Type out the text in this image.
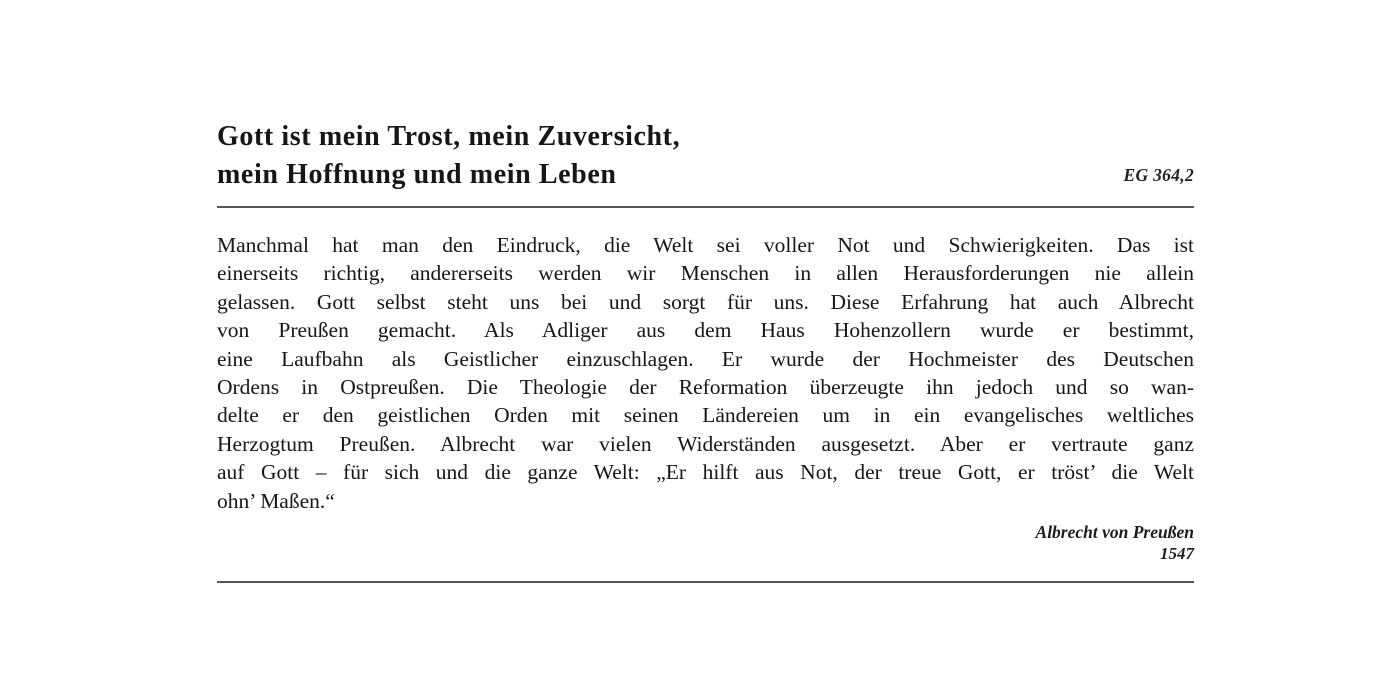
Gott ist mein Trost, mein Zuversicht,
mein Hoffnung und mein Leben	EG 364,2
Manchmal hat man den Eindruck, die Welt sei voller Not und Schwierigkeiten. Das ist
einerseits richtig, andererseits werden wir Menschen in allen Herausforderungen nie allein
gelassen. Gott selbst steht uns bei und sorgt für uns. Diese Erfahrung hat auch Albrecht
von Preußen gemacht. Als Adliger aus dem Haus Hohenzollern wurde er bestimmt,
eine Laufbahn als Geistlicher einzuschlagen. Er wurde der Hochmeister des Deutschen
Ordens in Ostpreußen. Die Theologie der Reformation überzeugte ihn jedoch und so wan-
delte er den geistlichen Orden mit seinen Ländereien um in ein evangelisches weltliches
Herzogtum Preußen. Albrecht war vielen Widerständen ausgesetzt. Aber er vertraute ganz
auf Gott – für sich und die ganze Welt: „Er hilft aus Not, der treue Gott, er tröst’ die Welt
ohn’ Maßen.“
Albrecht von Preußen
1547
